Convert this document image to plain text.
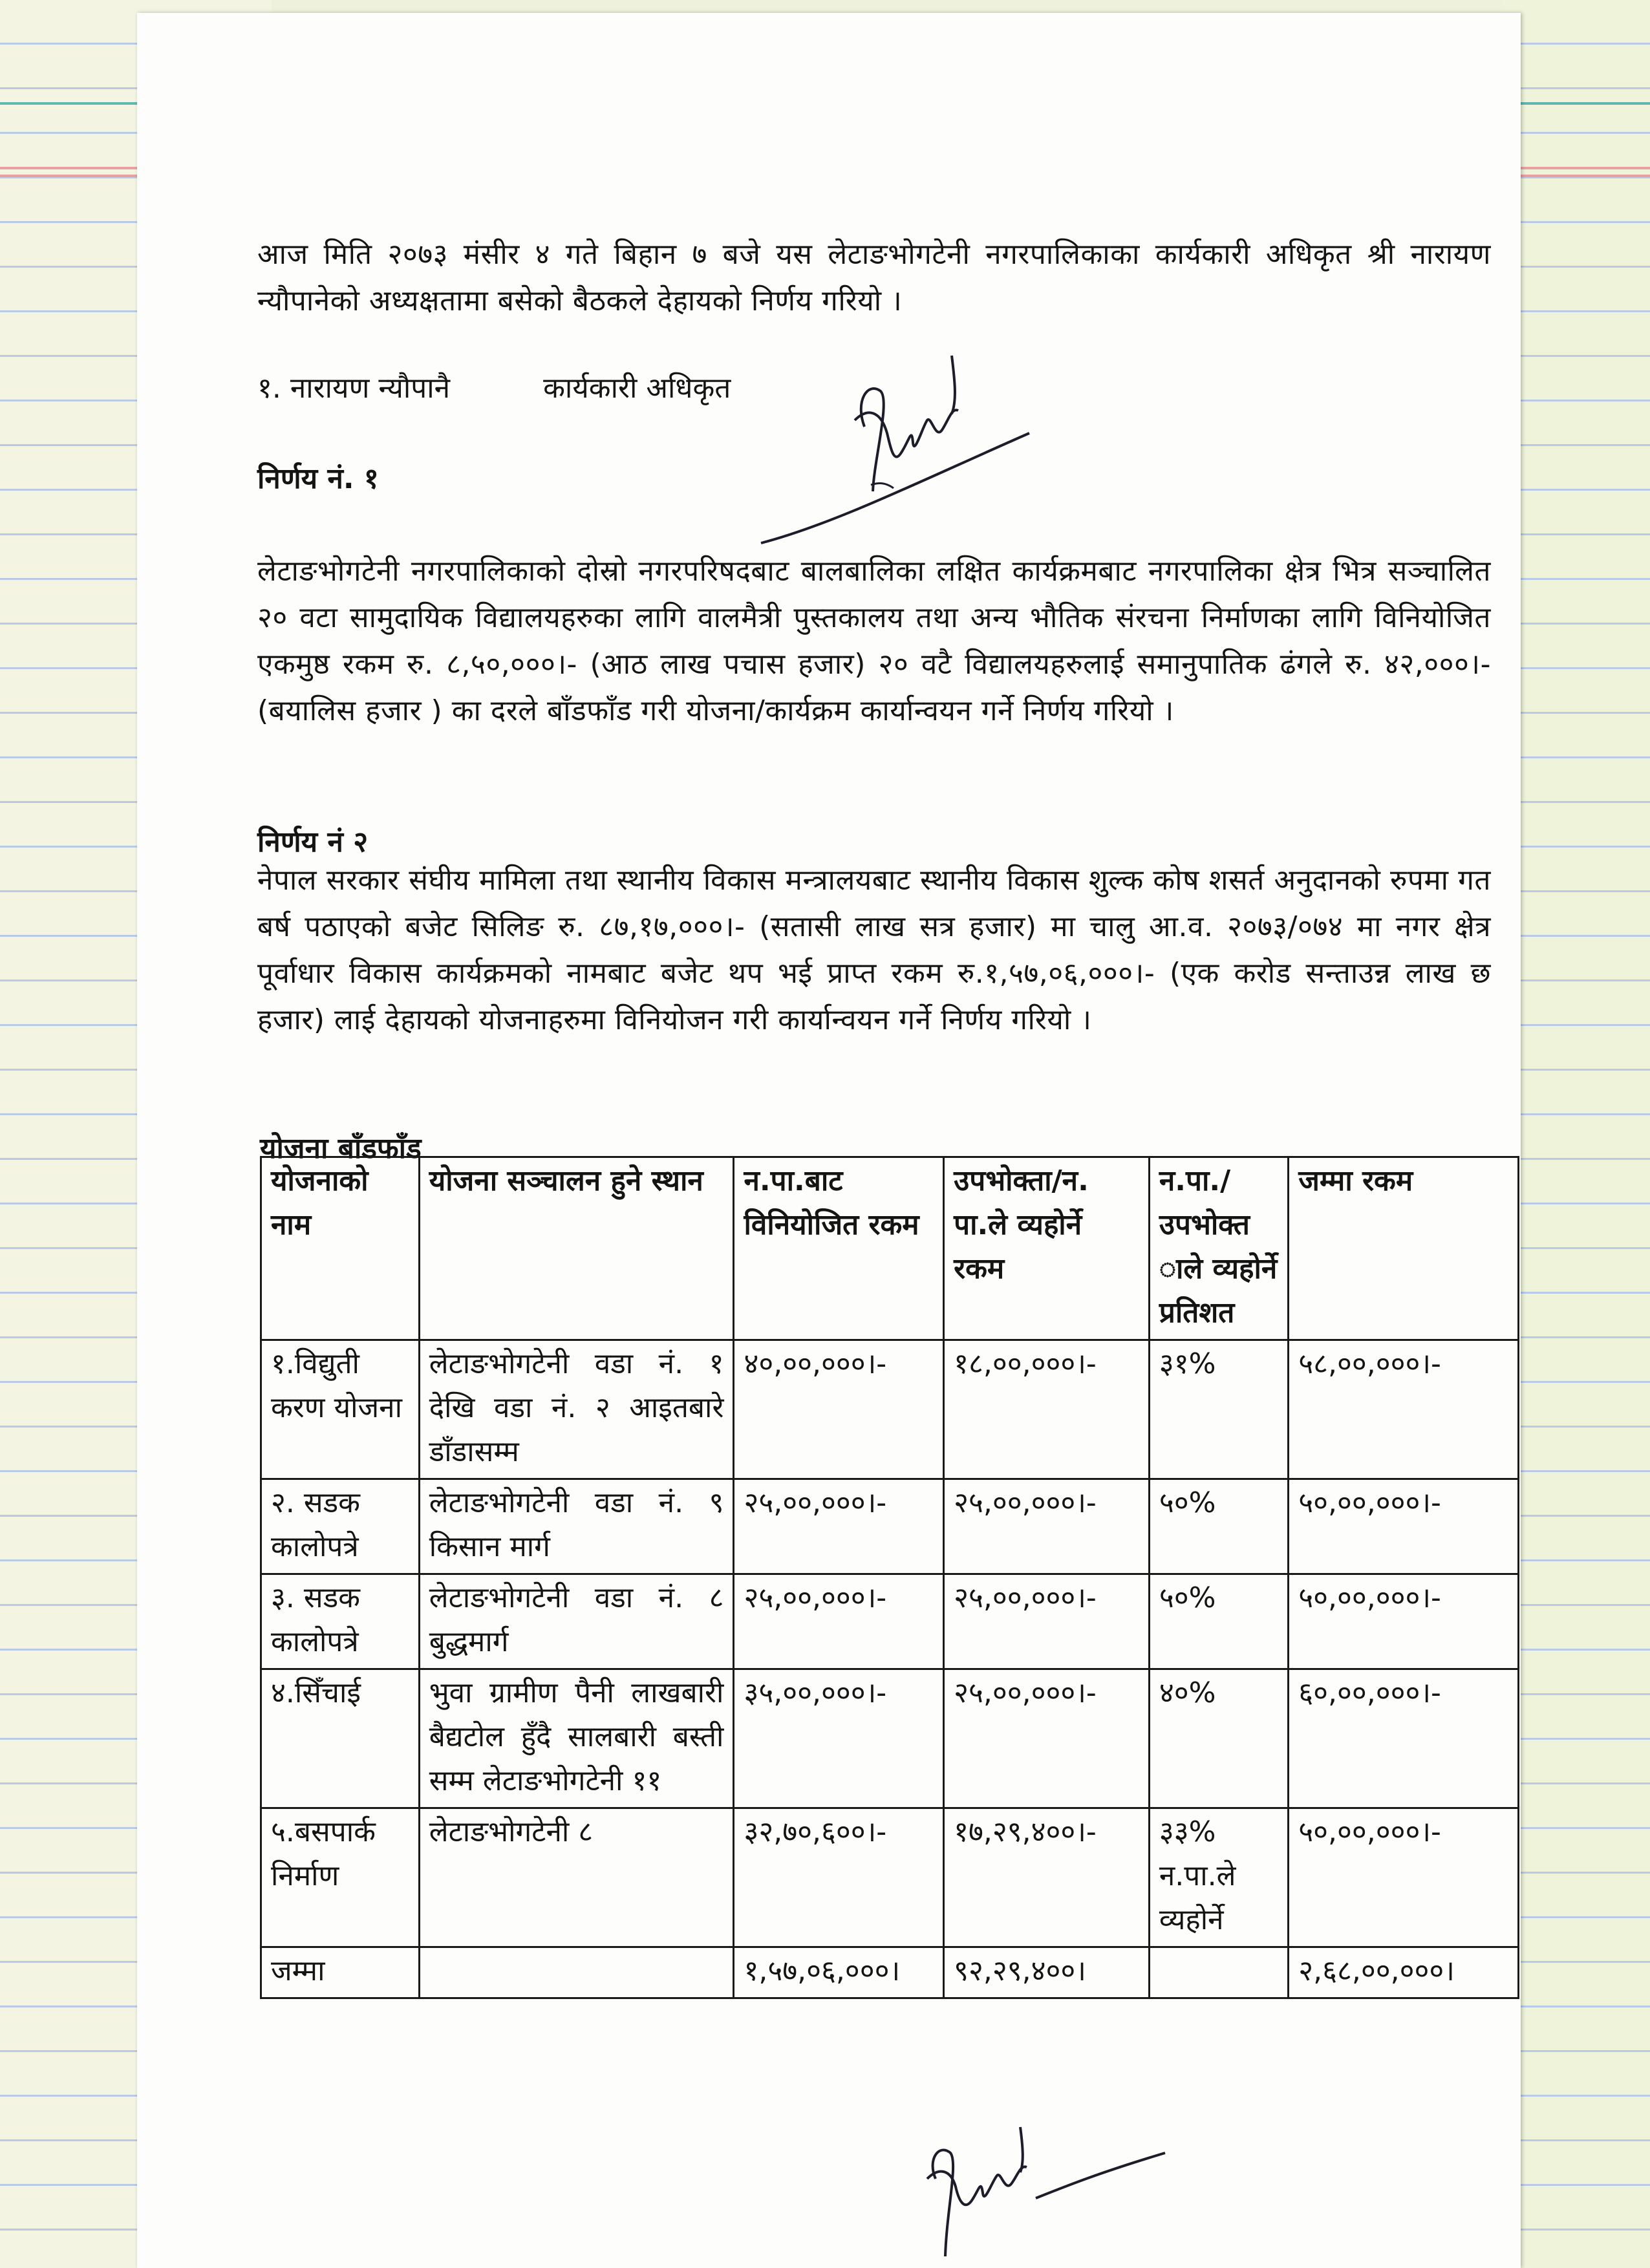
आज मिति २०७३ मंसीर ४ गते बिहान ७ बजे यस लेटाङभोगटेनी नगरपालिकाका कार्यकारी अधिकृत श्री नारायण न्यौपानेको अध्यक्षतामा बसेको बैठकले देहायको निर्णय गरियो ।
१. नारायण न्यौपानै	कार्यकारी अधिकृत
निर्णय नं. १
लेटाङभोगटेनी नगरपालिकाको दोस्रो नगरपरिषदबाट बालबालिका लक्षित कार्यक्रमबाट नगरपालिका क्षेत्र भित्र सञ्चालित २० वटा सामुदायिक विद्यालयहरुका लागि वालमैत्री पुस्तकालय तथा अन्य भौतिक संरचना निर्माणका लागि विनियोजित एकमुष्ठ रकम रु. ८,५०,०००।- (आठ लाख पचास हजार) २० वटै विद्यालयहरुलाई समानुपातिक ढंगले रु. ४२,०००।- (बयालिस हजार ) का दरले बाँडफाँड गरी योजना/कार्यक्रम कार्यान्वयन गर्ने निर्णय गरियो ।
निर्णय नं २
नेपाल सरकार संघीय मामिला तथा स्थानीय विकास मन्त्रालयबाट स्थानीय विकास शुल्क कोष शसर्त अनुदानको रुपमा गत बर्ष पठाएको बजेट सिलिङ रु. ८७,१७,०००।- (सतासी लाख सत्र हजार) मा चालु आ.व. २०७३/०७४ मा नगर क्षेत्र पूर्वाधार विकास कार्यक्रमको नामबाट बजेट थप भई प्राप्त रकम रु.१,५७,०६,०००।- (एक करोड सन्ताउन्न लाख छ हजार) लाई देहायको योजनाहरुमा विनियोजन गरी कार्यान्वयन गर्ने निर्णय गरियो ।
योजना बाँडफाँड
योजनाको नाम	योजना सञ्चालन हुने स्थान	न.पा.बाट विनियोजित रकम	उपभोक्ता/न. पा.ले व्यहोर्ने रकम	न.पा./ उपभोक्त ाले व्यहोर्ने प्रतिशत	जम्मा रकम
१.विद्युती करण योजना	लेटाङभोगटेनी वडा नं. १ देखि वडा नं. २ आइतबारे डाँडासम्म	४०,००,०००।-	१८,००,०००।-	३१%	५८,००,०००।-
२. सडक कालोपत्रे	लेटाङभोगटेनी वडा नं. ९ किसान मार्ग	२५,००,०००।-	२५,००,०००।-	५०%	५०,००,०००।-
३. सडक कालोपत्रे	लेटाङभोगटेनी वडा नं. ८ बुद्धमार्ग	२५,००,०००।-	२५,००,०००।-	५०%	५०,००,०००।-
४.सिँचाई	भुवा ग्रामीण पैनी लाखबारी बैद्यटोल हुँदै सालबारी बस्ती सम्म लेटाङभोगटेनी ११	३५,००,०००।-	२५,००,०००।-	४०%	६०,००,०००।-
५.बसपार्क निर्माण	लेटाङभोगटेनी ८	३२,७०,६००।-	१७,२९,४००।-	३३% न.पा.ले व्यहोर्ने	५०,००,०००।-
जम्मा		१,५७,०६,०००।	९२,२९,४००।		२,६८,००,०००।
